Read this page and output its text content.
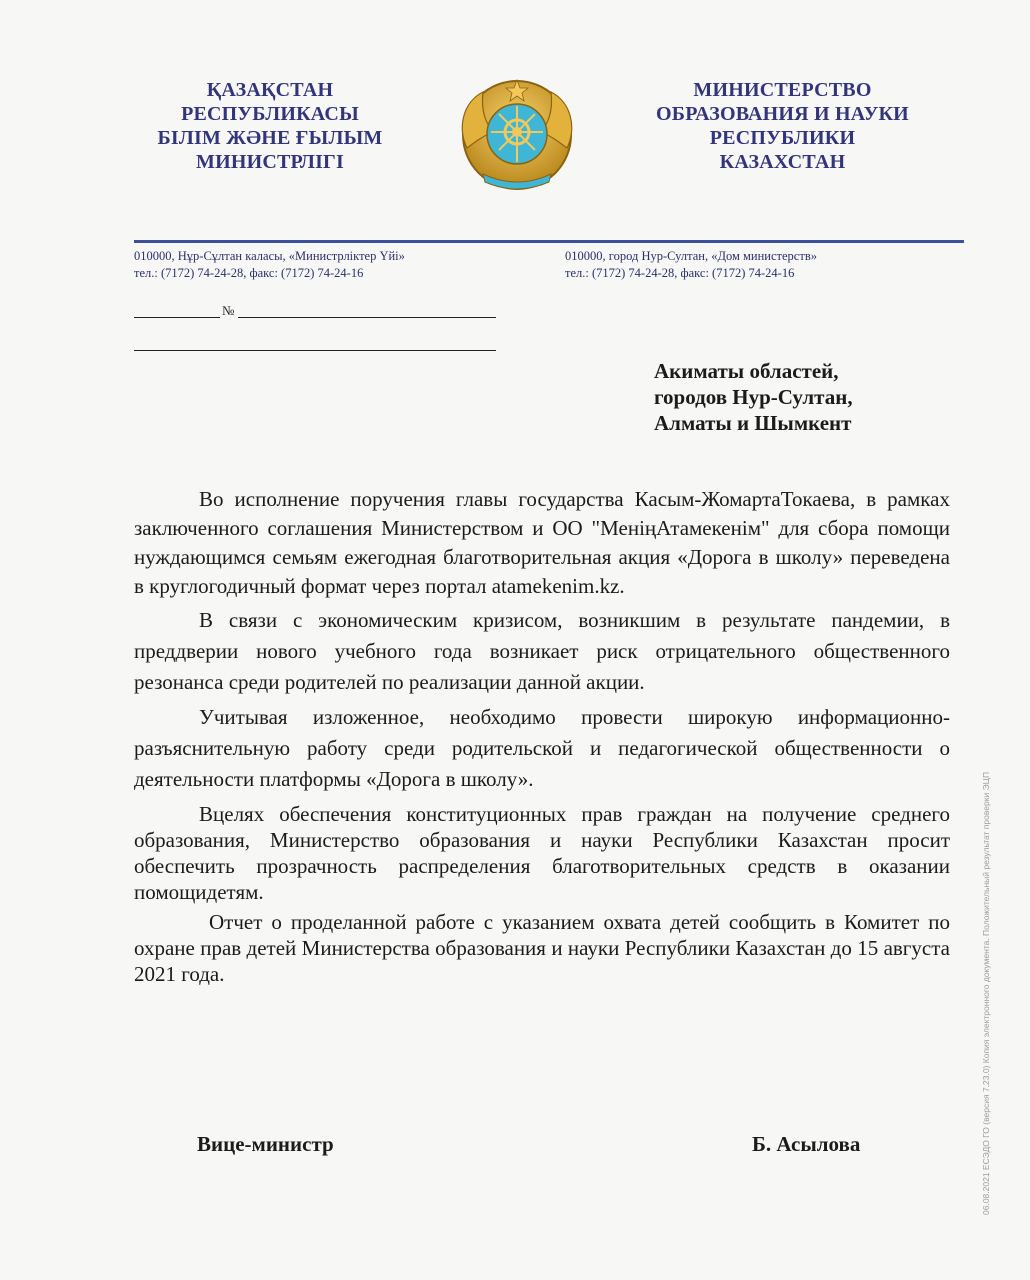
ҚАЗАҚСТАН
РЕСПУБЛИКАСЫ
БІЛІМ ЖӘНЕ ҒЫЛЫМ
МИНИСТРЛІГІ
МИНИСТЕРСТВО
ОБРАЗОВАНИЯ И НАУКИ
РЕСПУБЛИКИ
КАЗАХСТАН
010000, Нұр-Сұлтан каласы, «Министрліктер Үйі»
тел.: (7172) 74-24-28, факс: (7172) 74-24-16
010000, город Нур-Султан, «Дом министерств»
тел.: (7172) 74-24-28, факс: (7172) 74-24-16
№
Акиматы областей,
городов Нур-Султан,
Алматы и Шымкент
Во исполнение поручения главы государства Касым-ЖомартаТокаева, в рамках заключенного соглашения Министерством и ОО "МенiңАтамекенiм" для сбора помощи нуждающимся семьям ежегодная благотворительная акция «Дорога в школу» переведена в круглогодичный формат через портал atamekenim.kz.
В связи с экономическим кризисом, возникшим в результате пандемии, в преддверии нового учебного года возникает риск отрицательного общественного резонанса среди родителей по реализации данной акции.
Учитывая изложенное, необходимо провести широкую информационно-разъяснительную работу среди родительской и педагогической общественности о деятельности платформы «Дорога в школу».
Вцелях обеспечения конституционных прав граждан на получение среднего образования, Министерство образования и науки Республики Казахстан просит обеспечить прозрачность распределения благотворительных средств в оказании помощидетям.
Отчет о проделанной работе с указанием охвата детей сообщить в Комитет по охране прав детей Министерства образования и науки Республики Казахстан до 15 августа 2021 года.
Вице-министр	Б. Асылова	06.08.2021 ЕСЭДО ГО (версия 7.23.0) Копия электронного документа. Положительный результат проверки ЭЦП
